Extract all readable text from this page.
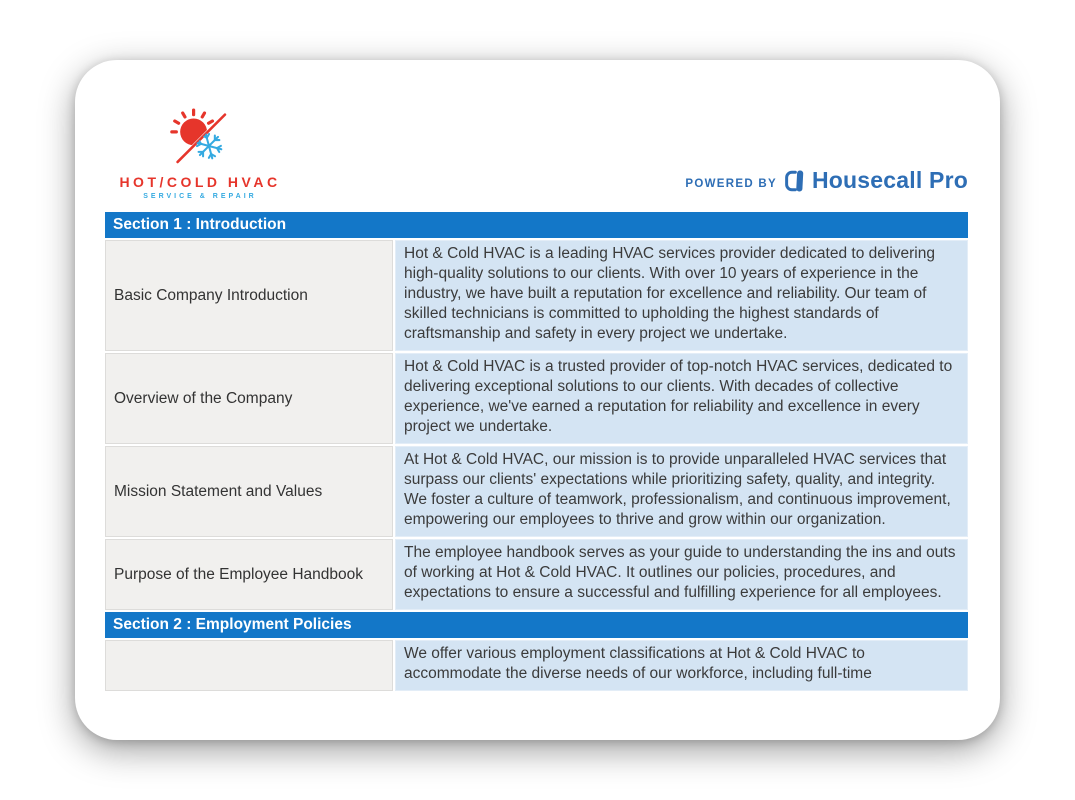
HOT/COLD HVAC
SERVICE & REPAIR
POWERED BY Housecall Pro
Section 1 : Introduction
Basic Company Introduction
Hot & Cold HVAC is a leading HVAC services provider dedicated to delivering high-quality solutions to our clients. With over 10 years of experience in the industry, we have built a reputation for excellence and reliability. Our team of skilled technicians is committed to upholding the highest standards of craftsmanship and safety in every project we undertake.
Overview of the Company
Hot & Cold HVAC is a trusted provider of top-notch HVAC services, dedicated to delivering exceptional solutions to our clients. With decades of collective experience, we've earned a reputation for reliability and excellence in every project we undertake.
Mission Statement and Values
At Hot & Cold HVAC, our mission is to provide unparalleled HVAC services that surpass our clients' expectations while prioritizing safety, quality, and integrity. We foster a culture of teamwork, professionalism, and continuous improvement, empowering our employees to thrive and grow within our organization.
Purpose of the Employee Handbook
The employee handbook serves as your guide to understanding the ins and outs of working at Hot & Cold HVAC. It outlines our policies, procedures, and expectations to ensure a successful and fulfilling experience for all employees.
Section 2 : Employment Policies
We offer various employment classifications at Hot & Cold HVAC to accommodate the diverse needs of our workforce, including full-time
